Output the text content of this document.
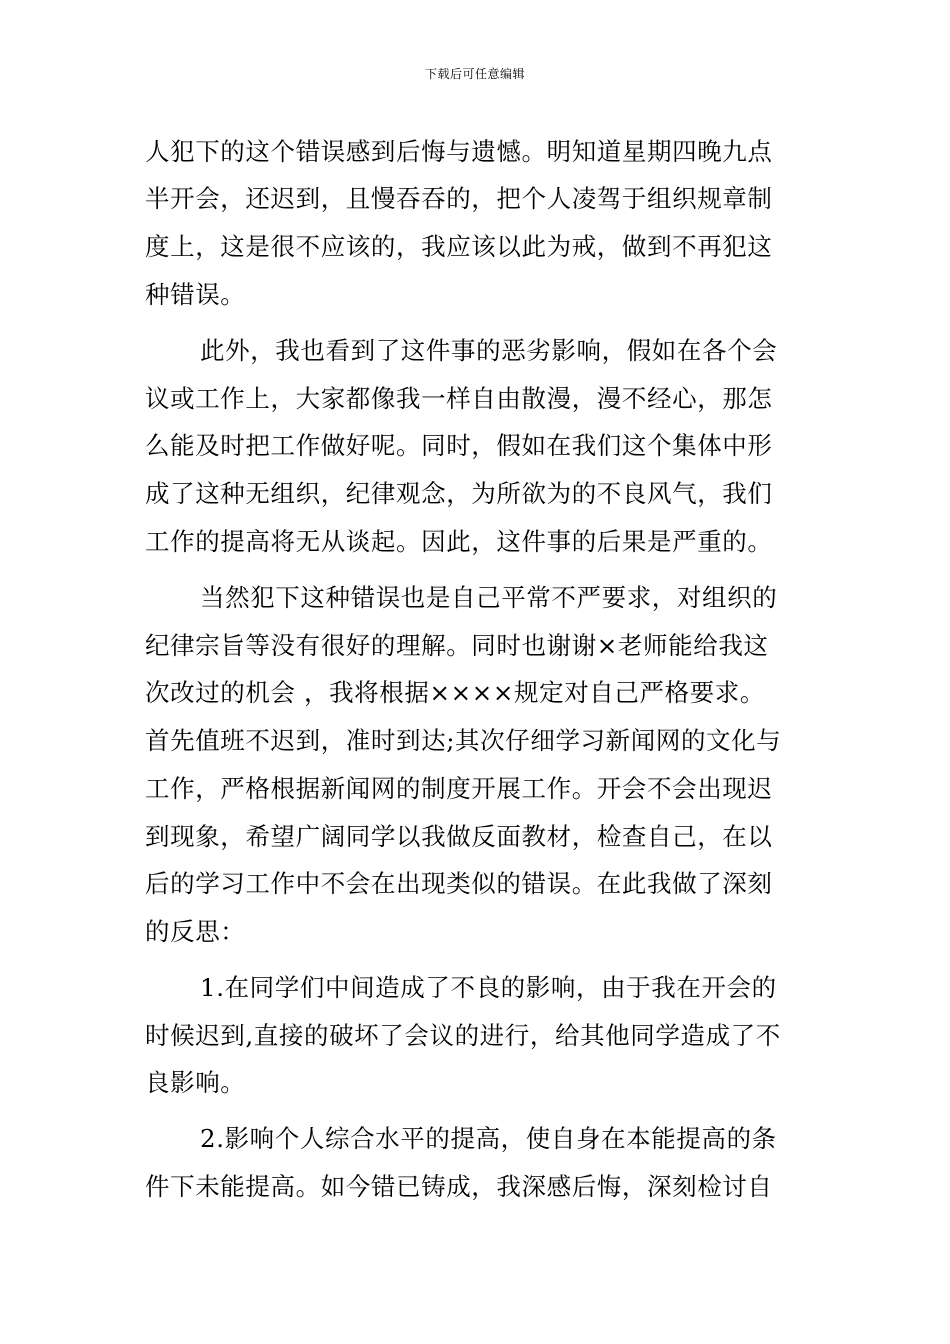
下载后可任意编辑
人犯下的这个错误感到后悔与遗憾。明知道星期四晚九点
半开会，还迟到，且慢吞吞的，把个人凌驾于组织规章制
度上，这是很不应该的，我应该以此为戒，做到不再犯这
种错误。
此外，我也看到了这件事的恶劣影响，假如在各个会
议或工作上，大家都像我一样自由散漫，漫不经心，那怎
么能及时把工作做好呢。同时，假如在我们这个集体中形
成了这种无组织，纪律观念，为所欲为的不良风气，我们
工作的提高将无从谈起。因此，这件事的后果是严重的。
当然犯下这种错误也是自己平常不严要求，对组织的
纪律宗旨等没有很好的理解。同时也谢谢×老师能给我这
次改过的机会 ，我将根据××××规定对自己严格要求。
首先值班不迟到，准时到达;其次仔细学习新闻网的文化与
工作，严格根据新闻网的制度开展工作。开会不会出现迟
到现象，希望广阔同学以我做反面教材，检查自己，在以
后的学习工作中不会在出现类似的错误。在此我做了深刻
的反思：
1.在同学们中间造成了不良的影响，由于我在开会的
时候迟到,直接的破坏了会议的进行，给其他同学造成了不
良影响。
2.影响个人综合水平的提高，使自身在本能提高的条
件下未能提高。如今错已铸成，我深感后悔，深刻检讨自
